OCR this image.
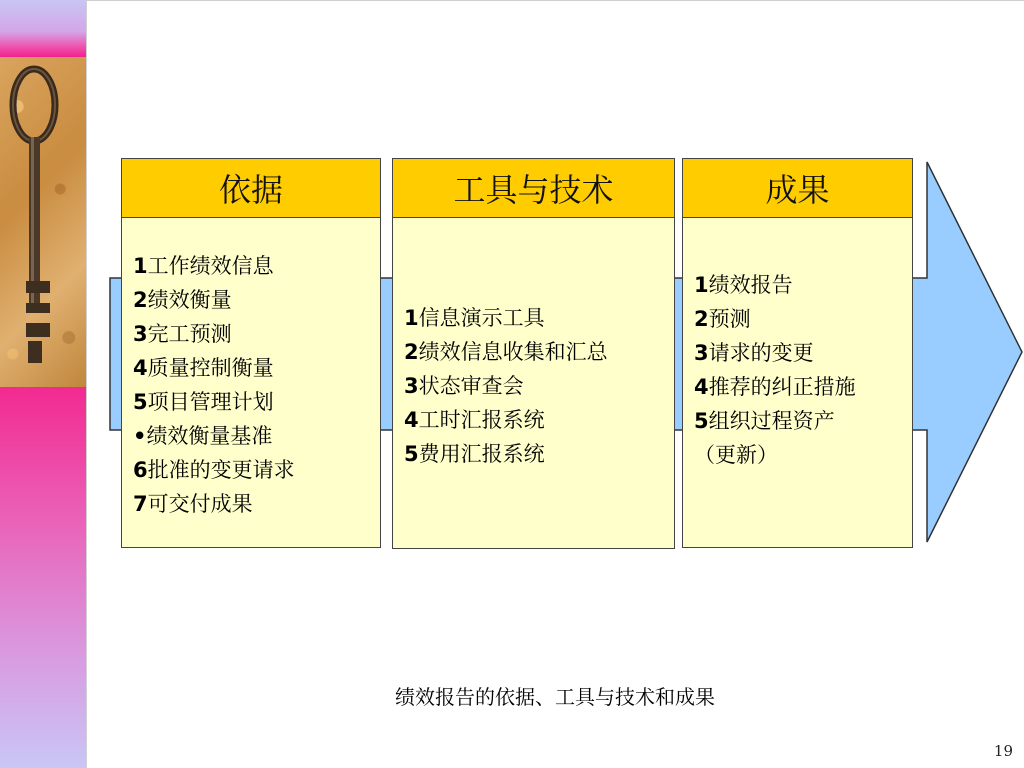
依据
1工作绩效信息
2绩效衡量
3完工预测
4质量控制衡量
5项目管理计划
•绩效衡量基准
6批准的变更请求
7可交付成果
工具与技术
1信息演示工具
2绩效信息收集和汇总
3状态审查会
4工时汇报系统
5费用汇报系统
成果
1绩效报告
2预测
3请求的变更
4推荐的纠正措施
5组织过程资产
（更新）
绩效报告的依据、工具与技术和成果
19
